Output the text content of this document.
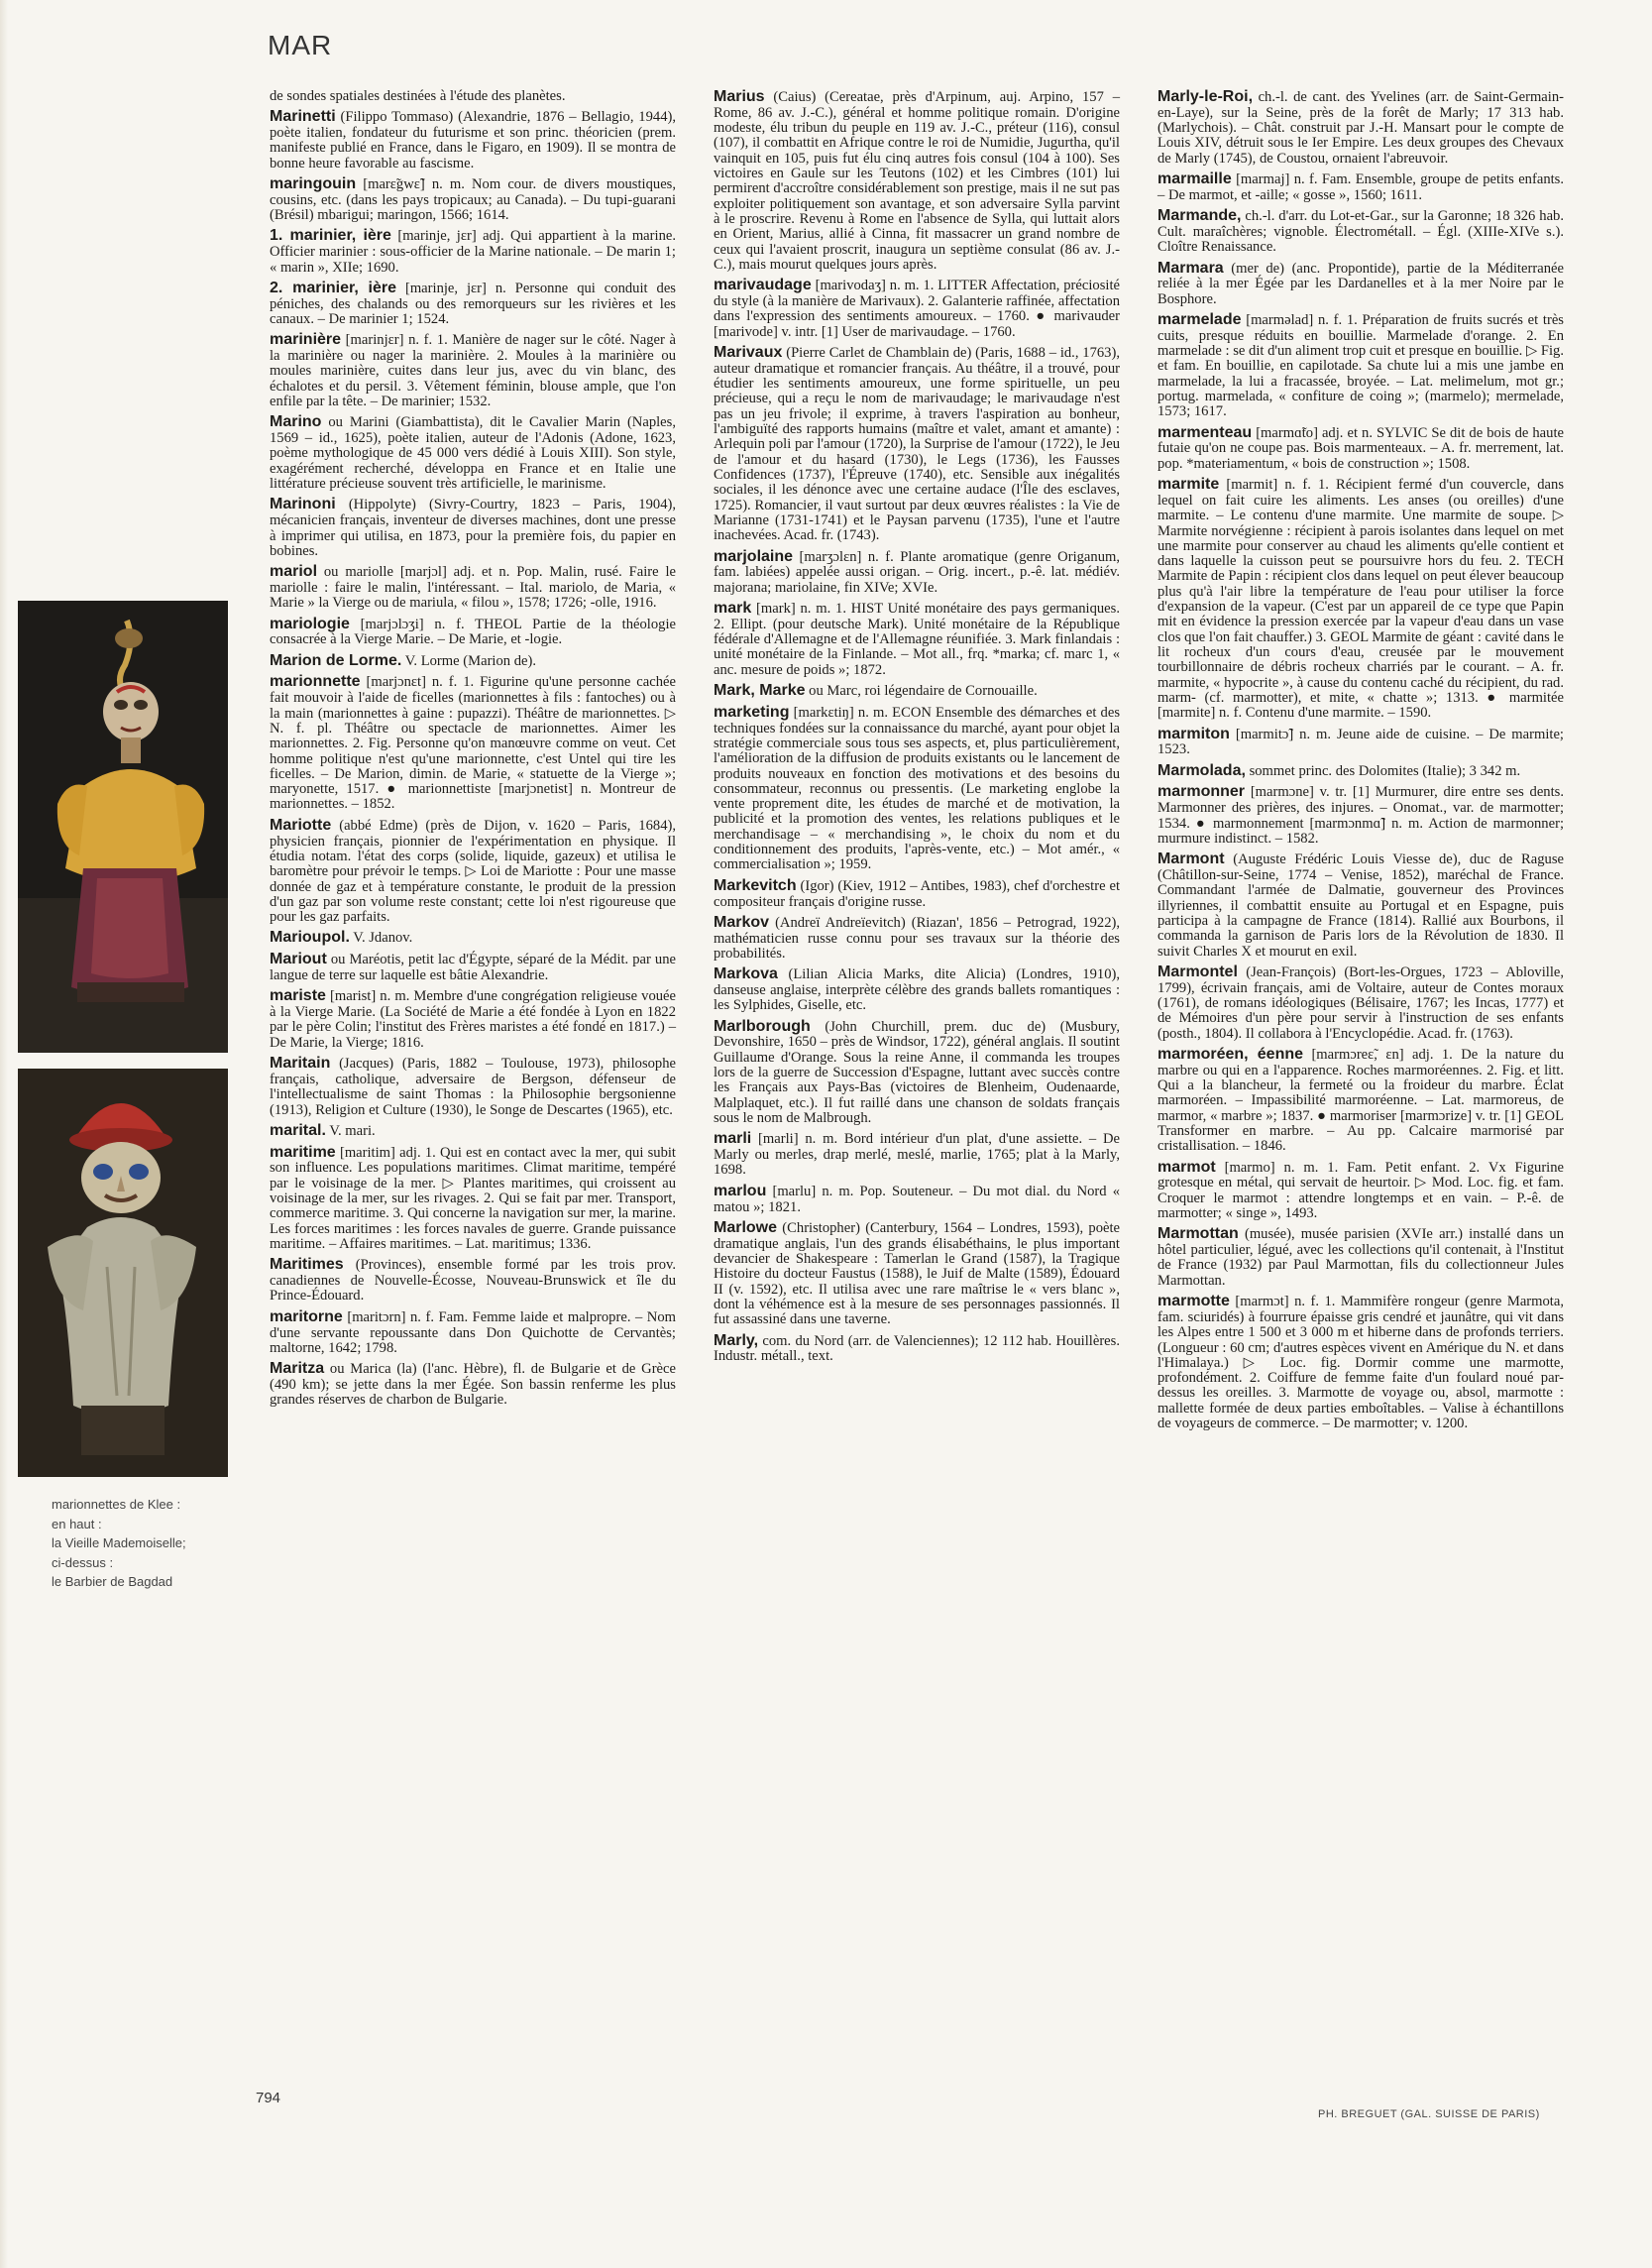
MAR
marionnettes de Klee :
en haut :
la Vieille Mademoiselle;
ci-dessus :
le Barbier de Bagdad

de sondes spatiales destinées à l'étude des planètes.

Marinetti (Filippo Tommaso) (Alexandrie, 1876 – Bellagio, 1944), poète italien, fondateur du futurisme et son princ. théoricien (prem. manifeste publié en France, dans le Figaro, en 1909). Il se montra de bonne heure favorable au fascisme.

maringouin [marɛ̃gwɛ̃] n. m. Nom cour. de divers moustiques, cousins, etc. (dans les pays tropicaux; au Canada). – Du tupi-guarani (Brésil) mbarigui; maringon, 1566; 1614.

1. marinier, ière [marinje, jɛr] adj. Qui appartient à la marine. Officier marinier : sous-officier de la Marine nationale. – De marin 1; « marin », XIIe; 1690.

2. marinier, ière [marinje, jɛr] n. Personne qui conduit des péniches, des chalands ou des remorqueurs sur les rivières et les canaux. – De marinier 1; 1524.

marinière [marinjɛr] n. f. 1. Manière de nager sur le côté. Nager à la marinière ou nager la marinière. 2. Moules à la marinière ou moules marinière, cuites dans leur jus, avec du vin blanc, des échalotes et du persil. 3. Vêtement féminin, blouse ample, que l'on enfile par la tête. – De marinier; 1532.

Marino ou Marini (Giambattista), dit le Cavalier Marin (Naples, 1569 – id., 1625), poète italien, auteur de l'Adonis (Adone, 1623, poème mythologique de 45 000 vers dédié à Louis XIII). Son style, exagérément recherché, développa en France et en Italie une littérature précieuse souvent très artificielle, le marinisme.

Marinoni (Hippolyte) (Sivry-Courtry, 1823 – Paris, 1904), mécanicien français, inventeur de diverses machines, dont une presse à imprimer qui utilisa, en 1873, pour la première fois, du papier en bobines.

mariol ou mariolle [marjɔl] adj. et n. Pop. Malin, rusé. Faire le mariolle : faire le malin, l'intéressant. – Ital. mariolo, de Maria, « Marie » la Vierge ou de mariula, « filou », 1578; 1726; -olle, 1916.

mariologie [marjɔlɔʒi] n. f. THEOL Partie de la théologie consacrée à la Vierge Marie. – De Marie, et -logie.

Marion de Lorme. V. Lorme (Marion de).

marionnette [marjɔnɛt] n. f. 1. Figurine qu'une personne cachée fait mouvoir à l'aide de ficelles (marionnettes à fils : fantoches) ou à la main (marionnettes à gaine : pupazzi). Théâtre de marionnettes. ▷ N. f. pl. Théâtre ou spectacle de marionnettes. Aimer les marionnettes. 2. Fig. Personne qu'on manœuvre comme on veut. Cet homme politique n'est qu'une marionnette, c'est Untel qui tire les ficelles. – De Marion, dimin. de Marie, « statuette de la Vierge »; maryonette, 1517. ● marionnettiste [marjɔnetist] n. Montreur de marionnettes. – 1852.

Mariotte (abbé Edme) (près de Dijon, v. 1620 – Paris, 1684), physicien français, pionnier de l'expérimentation en physique. Il étudia notam. l'état des corps (solide, liquide, gazeux) et utilisa le baromètre pour prévoir le temps. ▷ Loi de Mariotte : Pour une masse donnée de gaz et à température constante, le produit de la pression d'un gaz par son volume reste constant; cette loi n'est rigoureuse que pour les gaz parfaits.

Marioupol. V. Jdanov.

Mariout ou Maréotis, petit lac d'Égypte, séparé de la Médit. par une langue de terre sur laquelle est bâtie Alexandrie.

mariste [marist] n. m. Membre d'une congrégation religieuse vouée à la Vierge Marie. (La Société de Marie a été fondée à Lyon en 1822 par le père Colin; l'institut des Frères maristes a été fondé en 1817.) – De Marie, la Vierge; 1816.

Maritain (Jacques) (Paris, 1882 – Toulouse, 1973), philosophe français, catholique, adversaire de Bergson, défenseur de l'intellectualisme de saint Thomas : la Philosophie bergsonienne (1913), Religion et Culture (1930), le Songe de Descartes (1965), etc.

marital. V. mari.

maritime [maritim] adj. 1. Qui est en contact avec la mer, qui subit son influence. Les populations maritimes. Climat maritime, tempéré par le voisinage de la mer. ▷ Plantes maritimes, qui croissent au voisinage de la mer, sur les rivages. 2. Qui se fait par mer. Transport, commerce maritime. 3. Qui concerne la navigation sur mer, la marine. Les forces maritimes : les forces navales de guerre. Grande puissance maritime. – Affaires maritimes. – Lat. maritimus; 1336.

Maritimes (Provinces), ensemble formé par les trois prov. canadiennes de Nouvelle-Écosse, Nouveau-Brunswick et île du Prince-Édouard.

maritorne [maritɔrn] n. f. Fam. Femme laide et malpropre. – Nom d'une servante repoussante dans Don Quichotte de Cervantès; maltorne, 1642; 1798.

Maritza ou Marica (la) (l'anc. Hèbre), fl. de Bulgarie et de Grèce (490 km); se jette dans la mer Égée. Son bassin renferme les plus grandes réserves de charbon de Bulgarie.

Marius (Caius) (Cereatae, près d'Arpinum, auj. Arpino, 157 – Rome, 86 av. J.-C.), général et homme politique romain. D'origine modeste, élu tribun du peuple en 119 av. J.-C., préteur (116), consul (107), il combattit en Afrique contre le roi de Numidie, Jugurtha, qu'il vainquit en 105, puis fut élu cinq autres fois consul (104 à 100). Ses victoires en Gaule sur les Teutons (102) et les Cimbres (101) lui permirent d'accroître considérablement son prestige, mais il ne sut pas exploiter politiquement son avantage, et son adversaire Sylla parvint à le proscrire. Revenu à Rome en l'absence de Sylla, qui luttait alors en Orient, Marius, allié à Cinna, fit massacrer un grand nombre de ceux qui l'avaient proscrit, inaugura un septième consulat (86 av. J.-C.), mais mourut quelques jours après.

marivaudage [marivodaʒ] n. m. 1. LITTER Affectation, préciosité du style (à la manière de Marivaux). 2. Galanterie raffinée, affectation dans l'expression des sentiments amoureux. – 1760. ● marivauder [marivode] v. intr. [1] User de marivaudage. – 1760.

Marivaux (Pierre Carlet de Chamblain de) (Paris, 1688 – id., 1763), auteur dramatique et romancier français. Au théâtre, il a trouvé, pour étudier les sentiments amoureux, une forme spirituelle, un peu précieuse, qui a reçu le nom de marivaudage; le marivaudage n'est pas un jeu frivole; il exprime, à travers l'aspiration au bonheur, l'ambiguïté des rapports humains (maître et valet, amant et amante) : Arlequin poli par l'amour (1720), la Surprise de l'amour (1722), le Jeu de l'amour et du hasard (1730), le Legs (1736), les Fausses Confidences (1737), l'Épreuve (1740), etc. Sensible aux inégalités sociales, il les dénonce avec une certaine audace (l'Île des esclaves, 1725). Romancier, il vaut surtout par deux œuvres réalistes : la Vie de Marianne (1731-1741) et le Paysan parvenu (1735), l'une et l'autre inachevées. Acad. fr. (1743).

marjolaine [marʒɔlɛn] n. f. Plante aromatique (genre Origanum, fam. labiées) appelée aussi origan. – Orig. incert., p.-ê. lat. médiév. majorana; mariolaine, fin XIVe; XVIe.

mark [mark] n. m. 1. HIST Unité monétaire des pays germaniques. 2. Ellipt. (pour deutsche Mark). Unité monétaire de la République fédérale d'Allemagne et de l'Allemagne réunifiée. 3. Mark finlandais : unité monétaire de la Finlande. – Mot all., frq. *marka; cf. marc 1, « anc. mesure de poids »; 1872.

Mark, Marke ou Marc, roi légendaire de Cornouaille.

marketing [markɛtiŋ] n. m. ECON Ensemble des démarches et des techniques fondées sur la connaissance du marché, ayant pour objet la stratégie commerciale sous tous ses aspects, et, plus particulièrement, l'amélioration de la diffusion de produits existants ou le lancement de produits nouveaux en fonction des motivations et des besoins du consommateur, reconnus ou pressentis. (Le marketing englobe la vente proprement dite, les études de marché et de motivation, la publicité et la promotion des ventes, les relations publiques et le merchandisage – « merchandising », le choix du nom et du conditionnement des produits, l'après-vente, etc.) – Mot amér., « commercialisation »; 1959.

Markevitch (Igor) (Kiev, 1912 – Antibes, 1983), chef d'orchestre et compositeur français d'origine russe.

Markov (Andreï Andreïevitch) (Riazan', 1856 – Petrograd, 1922), mathématicien russe connu pour ses travaux sur la théorie des probabilités.

Markova (Lilian Alicia Marks, dite Alicia) (Londres, 1910), danseuse anglaise, interprète célèbre des grands ballets romantiques : les Sylphides, Giselle, etc.

Marlborough (John Churchill, prem. duc de) (Musbury, Devonshire, 1650 – près de Windsor, 1722), général anglais. Il soutint Guillaume d'Orange. Sous la reine Anne, il commanda les troupes lors de la guerre de Succession d'Espagne, luttant avec succès contre les Français aux Pays-Bas (victoires de Blenheim, Oudenaarde, Malplaquet, etc.). Il fut raillé dans une chanson de soldats français sous le nom de Malbrough.

marli [marli] n. m. Bord intérieur d'un plat, d'une assiette. – De Marly ou merles, drap merlé, meslé, marlie, 1765; plat à la Marly, 1698.

marlou [marlu] n. m. Pop. Souteneur. – Du mot dial. du Nord « matou »; 1821.

Marlowe (Christopher) (Canterbury, 1564 – Londres, 1593), poète dramatique anglais, l'un des grands élisabéthains, le plus important devancier de Shakespeare : Tamerlan le Grand (1587), la Tragique Histoire du docteur Faustus (1588), le Juif de Malte (1589), Édouard II (v. 1592), etc. Il utilisa avec une rare maîtrise le « vers blanc », dont la véhémence est à la mesure de ses personnages passionnés. Il fut assassiné dans une taverne.

Marly, com. du Nord (arr. de Valenciennes); 12 112 hab. Houillères. Industr. métall., text.

Marly-le-Roi, ch.-l. de cant. des Yvelines (arr. de Saint-Germain-en-Laye), sur la Seine, près de la forêt de Marly; 17 313 hab. (Marlychois). – Chât. construit par J.-H. Mansart pour le compte de Louis XIV, détruit sous le Ier Empire. Les deux groupes des Chevaux de Marly (1745), de Coustou, ornaient l'abreuvoir.

marmaille [marmaj] n. f. Fam. Ensemble, groupe de petits enfants. – De marmot, et -aille; « gosse », 1560; 1611.

Marmande, ch.-l. d'arr. du Lot-et-Gar., sur la Garonne; 18 326 hab. Cult. maraîchères; vignoble. Électrométall. – Égl. (XIIIe-XIVe s.). Cloître Renaissance.

Marmara (mer de) (anc. Propontide), partie de la Méditerranée reliée à la mer Égée par les Dardanelles et à la mer Noire par le Bosphore.

marmelade [marməlad] n. f. 1. Préparation de fruits sucrés et très cuits, presque réduits en bouillie. Marmelade d'orange. 2. En marmelade : se dit d'un aliment trop cuit et presque en bouillie. ▷ Fig. et fam. En bouillie, en capilotade. Sa chute lui a mis une jambe en marmelade, la lui a fracassée, broyée. – Lat. melimelum, mot gr.; portug. marmelada, « confiture de coing »; (marmelo); mermelade, 1573; 1617.

marmenteau [marmɑ̃to] adj. et n. SYLVIC Se dit de bois de haute futaie qu'on ne coupe pas. Bois marmenteaux. – A. fr. merrement, lat. pop. *materiamentum, « bois de construction »; 1508.

marmite [marmit] n. f. 1. Récipient fermé d'un couvercle, dans lequel on fait cuire les aliments. Les anses (ou oreilles) d'une marmite. – Le contenu d'une marmite. Une marmite de soupe. ▷ Marmite norvégienne : récipient à parois isolantes dans lequel on met une marmite pour conserver au chaud les aliments qu'elle contient et dans laquelle la cuisson peut se poursuivre hors du feu. 2. TECH Marmite de Papin : récipient clos dans lequel on peut élever beaucoup plus qu'à l'air libre la température de l'eau pour utiliser la force d'expansion de la vapeur. (C'est par un appareil de ce type que Papin mit en évidence la pression exercée par la vapeur d'eau dans un vase clos que l'on fait chauffer.) 3. GEOL Marmite de géant : cavité dans le lit rocheux d'un cours d'eau, creusée par le mouvement tourbillonnaire de débris rocheux charriés par le courant. – A. fr. marmite, « hypocrite », à cause du contenu caché du récipient, du rad. marm- (cf. marmotter), et mite, « chatte »; 1313. ● marmitée [marmite] n. f. Contenu d'une marmite. – 1590.

marmiton [marmitɔ̃] n. m. Jeune aide de cuisine. – De marmite; 1523.

Marmolada, sommet princ. des Dolomites (Italie); 3 342 m.

marmonner [marmɔne] v. tr. [1] Murmurer, dire entre ses dents. Marmonner des prières, des injures. – Onomat., var. de marmotter; 1534. ● marmonnement [marmɔnmɑ̃] n. m. Action de marmonner; murmure indistinct. – 1582.

Marmont (Auguste Frédéric Louis Viesse de), duc de Raguse (Châtillon-sur-Seine, 1774 – Venise, 1852), maréchal de France. Commandant l'armée de Dalmatie, gouverneur des Provinces illyriennes, il combattit ensuite au Portugal et en Espagne, puis participa à la campagne de France (1814). Rallié aux Bourbons, il commanda la garnison de Paris lors de la Révolution de 1830. Il suivit Charles X et mourut en exil.

Marmontel (Jean-François) (Bort-les-Orgues, 1723 – Abloville, 1799), écrivain français, ami de Voltaire, auteur de Contes moraux (1761), de romans idéologiques (Bélisaire, 1767; les Incas, 1777) et de Mémoires d'un père pour servir à l'instruction de ses enfants (posth., 1804). Il collabora à l'Encyclopédie. Acad. fr. (1763).

marmoréen, éenne [marmɔreɛ̃, ɛn] adj. 1. De la nature du marbre ou qui en a l'apparence. Roches marmoréennes. 2. Fig. et litt. Qui a la blancheur, la fermeté ou la froideur du marbre. Éclat marmoréen. – Impassibilité marmoréenne. – Lat. marmoreus, de marmor, « marbre »; 1837. ● marmoriser [marmɔrize] v. tr. [1] GEOL Transformer en marbre. – Au pp. Calcaire marmorisé par cristallisation. – 1846.

marmot [marmo] n. m. 1. Fam. Petit enfant. 2. Vx Figurine grotesque en métal, qui servait de heurtoir. ▷ Mod. Loc. fig. et fam. Croquer le marmot : attendre longtemps et en vain. – P.-ê. de marmotter; « singe », 1493.

Marmottan (musée), musée parisien (XVIe arr.) installé dans un hôtel particulier, légué, avec les collections qu'il contenait, à l'Institut de France (1932) par Paul Marmottan, fils du collectionneur Jules Marmottan.

marmotte [marmɔt] n. f. 1. Mammifère rongeur (genre Marmota, fam. sciuridés) à fourrure épaisse gris cendré et jaunâtre, qui vit dans les Alpes entre 1 500 et 3 000 m et hiberne dans de profonds terriers. (Longueur : 60 cm; d'autres espèces vivent en Amérique du N. et dans l'Himalaya.) ▷ Loc. fig. Dormir comme une marmotte, profondément. 2. Coiffure de femme faite d'un foulard noué par-dessus les oreilles. 3. Marmotte de voyage ou, absol, marmotte : mallette formée de deux parties emboîtables. – Valise à échantillons de voyageurs de commerce. – De marmotter; v. 1200.

794
PH. BREGUET (GAL. SUISSE DE PARIS)
